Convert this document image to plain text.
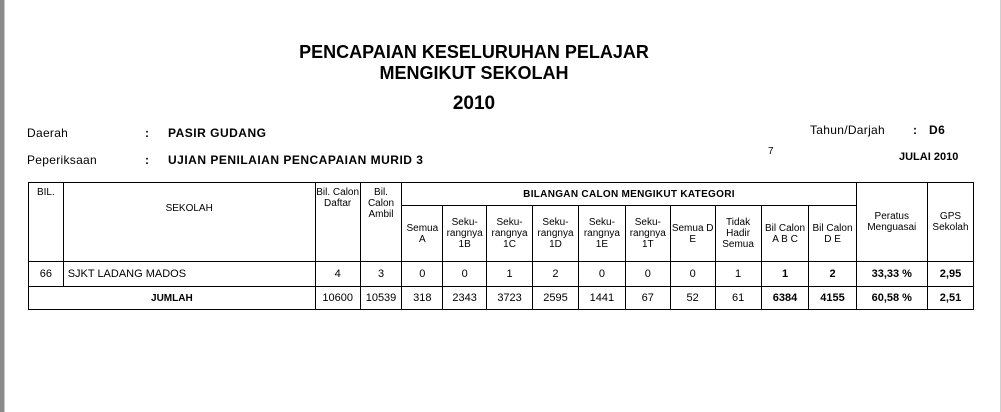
PENCAPAIAN KESELURUHAN PELAJAR
MENGIKUT SEKOLAH
2010
Daerah	: PASIR GUDANG
Peperiksaan	: UJIAN PENILAIAN PENCAPAIAN MURID 3
Tahun/Darjah : D6
7	JULAI 2010
BIL.	SEKOLAH	Bil. Calon Daftar	Bil. Calon Ambil	BILANGAN CALON MENGIKUT KATEGORI										Peratus Menguasai	GPS Sekolah
				Semua A	Seku-rangnya 1B	Seku-rangnya 1C	Seku-rangnya 1D	Seku-rangnya 1E	Seku-rangnya 1T	Semua D E	Tidak Hadir Semua	Bil Calon A B C	Bil Calon D E		
66	SJKT LADANG MADOS	4	3	0	0	1	2	0	0	0	1	1	2	33,33 %	2,95
JUMLAH		10600	10539	318	2343	3723	2595	1441	67	52	61	6384	4155	60,58 %	2,51
